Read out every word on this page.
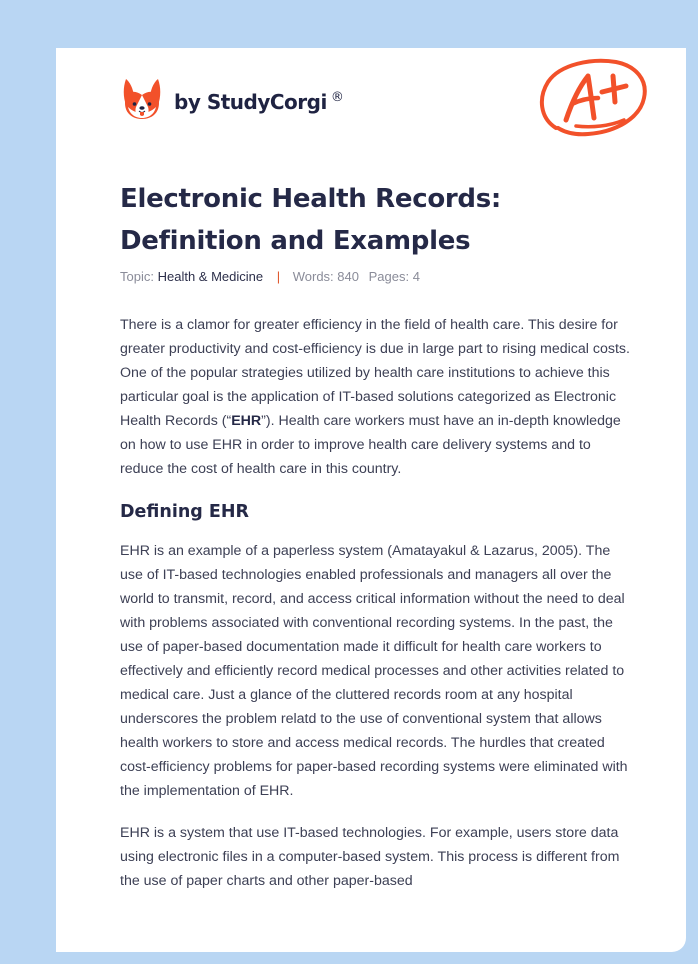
by StudyCorgi ®
Electronic Health Records:
Definition and Examples
Topic: Health & Medicine | Words: 840 Pages: 4

There is a clamor for greater efficiency in the field of health care. This desire for greater productivity and cost-efficiency is due in large part to rising medical costs. One of the popular strategies utilized by health care institutions to achieve this particular goal is the application of IT-based solutions categorized as Electronic Health Records (“EHR”). Health care workers must have an in-depth knowledge on how to use EHR in order to improve health care delivery systems and to reduce the cost of health care in this country.

Defining EHR

EHR is an example of a paperless system (Amatayakul & Lazarus, 2005). The use of IT-based technologies enabled professionals and managers all over the world to transmit, record, and access critical information without the need to deal with problems associated with conventional recording systems. In the past, the use of paper-based documentation made it difficult for health care workers to effectively and efficiently record medical processes and other activities related to medical care. Just a glance of the cluttered records room at any hospital underscores the problem relatd to the use of conventional system that allows health workers to store and access medical records. The hurdles that created cost-efficiency problems for paper-based recording systems were eliminated with the implementation of EHR.

EHR is a system that use IT-based technologies. For example, users store data using electronic files in a computer-based system. This process is different from the use of paper charts and other paper-based
